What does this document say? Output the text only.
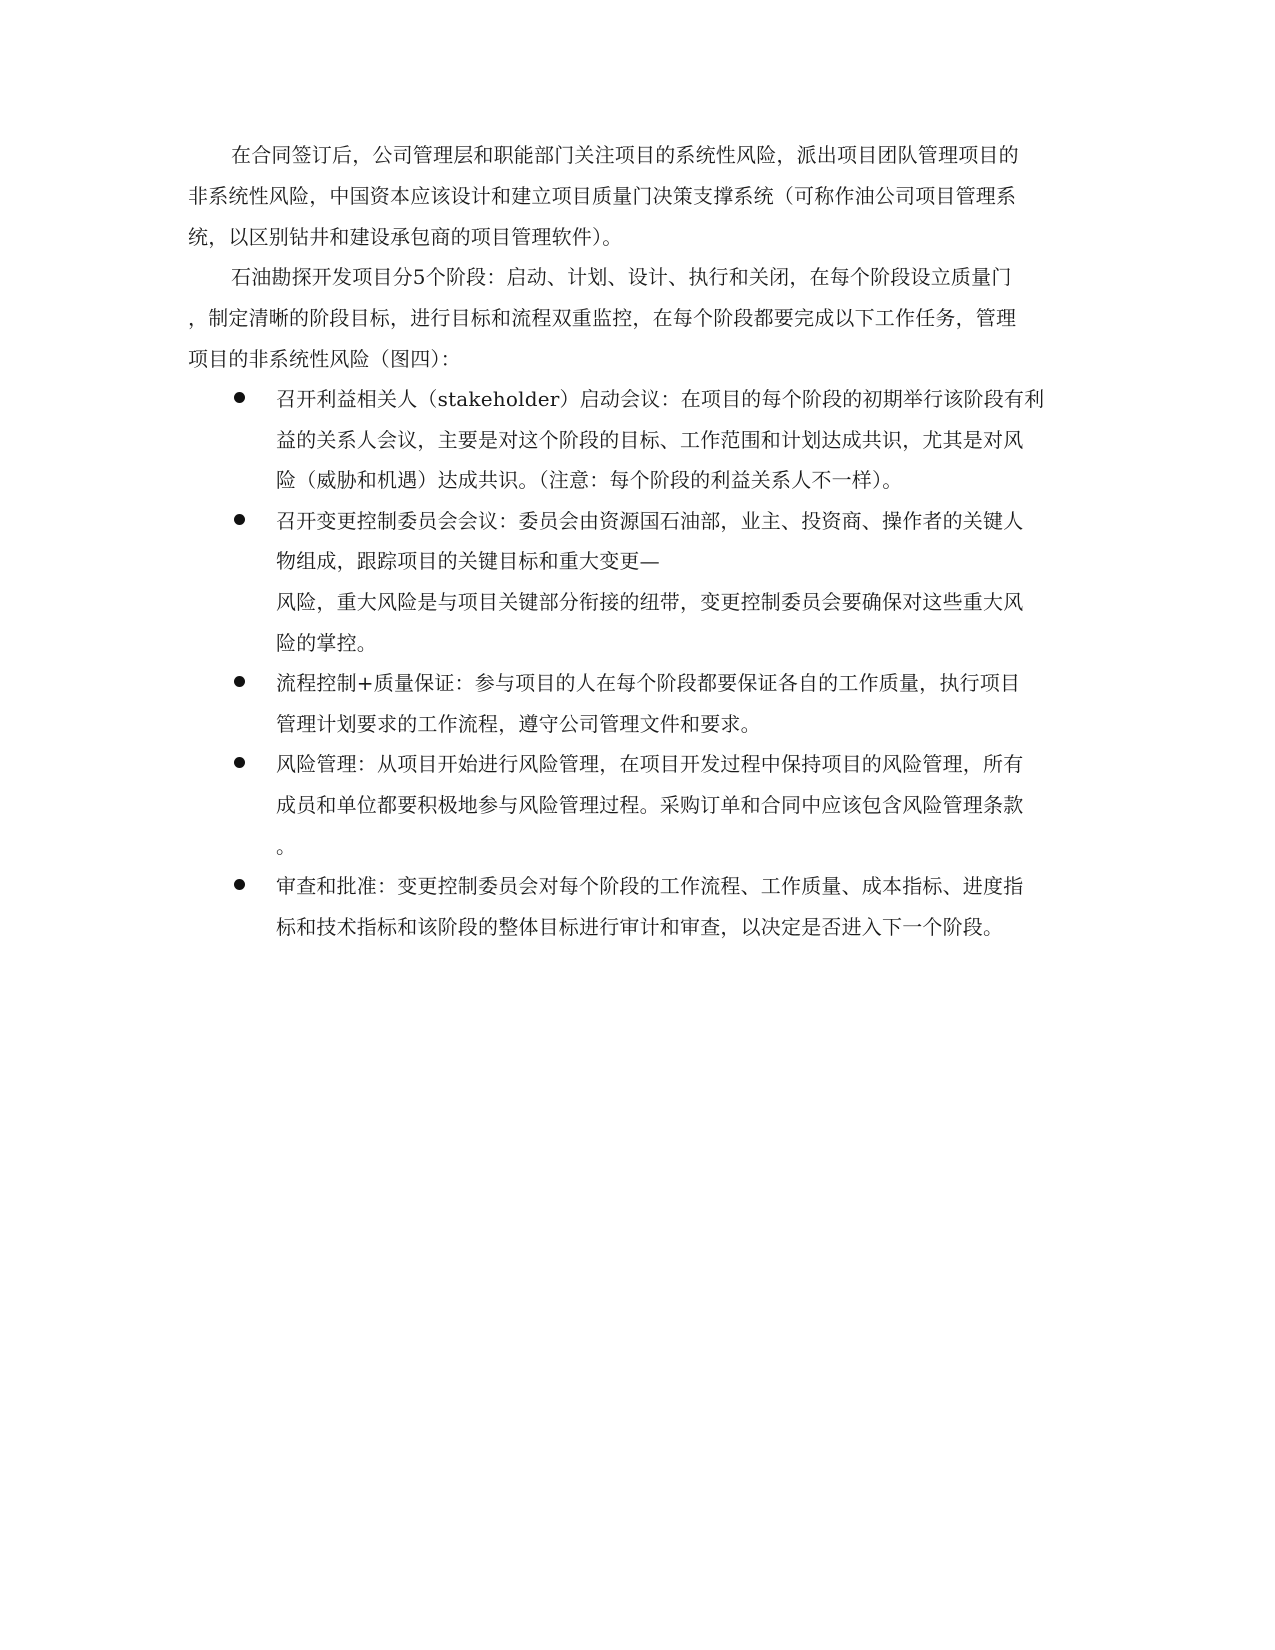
在合同签订后，公司管理层和职能部门关注项目的系统性风险，派出项目团队管理项目的
非系统性风险，中国资本应该设计和建立项目质量门决策支撑系统（可称作油公司项目管理系
统，以区别钻井和建设承包商的项目管理软件）。
石油勘探开发项目分5个阶段：启动、计划、设计、执行和关闭，在每个阶段设立质量门
，制定清晰的阶段目标，进行目标和流程双重监控，在每个阶段都要完成以下工作任务，管理
项目的非系统性风险（图四）：
召开利益相关人（stakeholder）启动会议：在项目的每个阶段的初期举行该阶段有利
益的关系人会议，主要是对这个阶段的目标、工作范围和计划达成共识，尤其是对风
险（威胁和机遇）达成共识。（注意：每个阶段的利益关系人不一样）。
召开变更控制委员会会议：委员会由资源国石油部，业主、投资商、操作者的关键人
物组成，跟踪项目的关键目标和重大变更—
风险，重大风险是与项目关键部分衔接的纽带，变更控制委员会要确保对这些重大风
险的掌控。
流程控制+质量保证：参与项目的人在每个阶段都要保证各自的工作质量，执行项目
管理计划要求的工作流程，遵守公司管理文件和要求。
风险管理：从项目开始进行风险管理，在项目开发过程中保持项目的风险管理，所有
成员和单位都要积极地参与风险管理过程。采购订单和合同中应该包含风险管理条款
。
审查和批准：变更控制委员会对每个阶段的工作流程、工作质量、成本指标、进度指
标和技术指标和该阶段的整体目标进行审计和审查，以决定是否进入下一个阶段。
